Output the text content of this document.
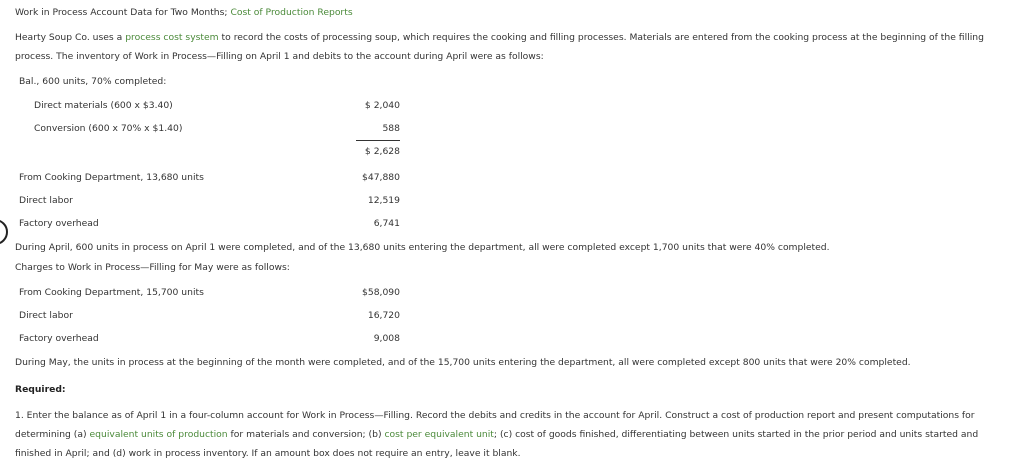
Work in Process Account Data for Two Months; Cost of Production Reports
Hearty Soup Co. uses a process cost system to record the costs of processing soup, which requires the cooking and filling processes. Materials are entered from the cooking process at the beginning of the filling process. The inventory of Work in Process—Filling on April 1 and debits to the account during April were as follows:
Bal., 600 units, 70% completed:
Direct materials (600 x $3.40)	$ 2,040
Conversion (600 x 70% x $1.40)	588
$ 2,628
From Cooking Department, 13,680 units	$47,880
Direct labor	12,519
Factory overhead	6,741
During April, 600 units in process on April 1 were completed, and of the 13,680 units entering the department, all were completed except 1,700 units that were 40% completed.
Charges to Work in Process—Filling for May were as follows:
From Cooking Department, 15,700 units	$58,090
Direct labor	16,720
Factory overhead	9,008
During May, the units in process at the beginning of the month were completed, and of the 15,700 units entering the department, all were completed except 800 units that were 20% completed.
Required:
1. Enter the balance as of April 1 in a four-column account for Work in Process—Filling. Record the debits and credits in the account for April. Construct a cost of production report and present computations for determining (a) equivalent units of production for materials and conversion; (b) cost per equivalent unit; (c) cost of goods finished, differentiating between units started in the prior period and units started and finished in April; and (d) work in process inventory. If an amount box does not require an entry, leave it blank.
